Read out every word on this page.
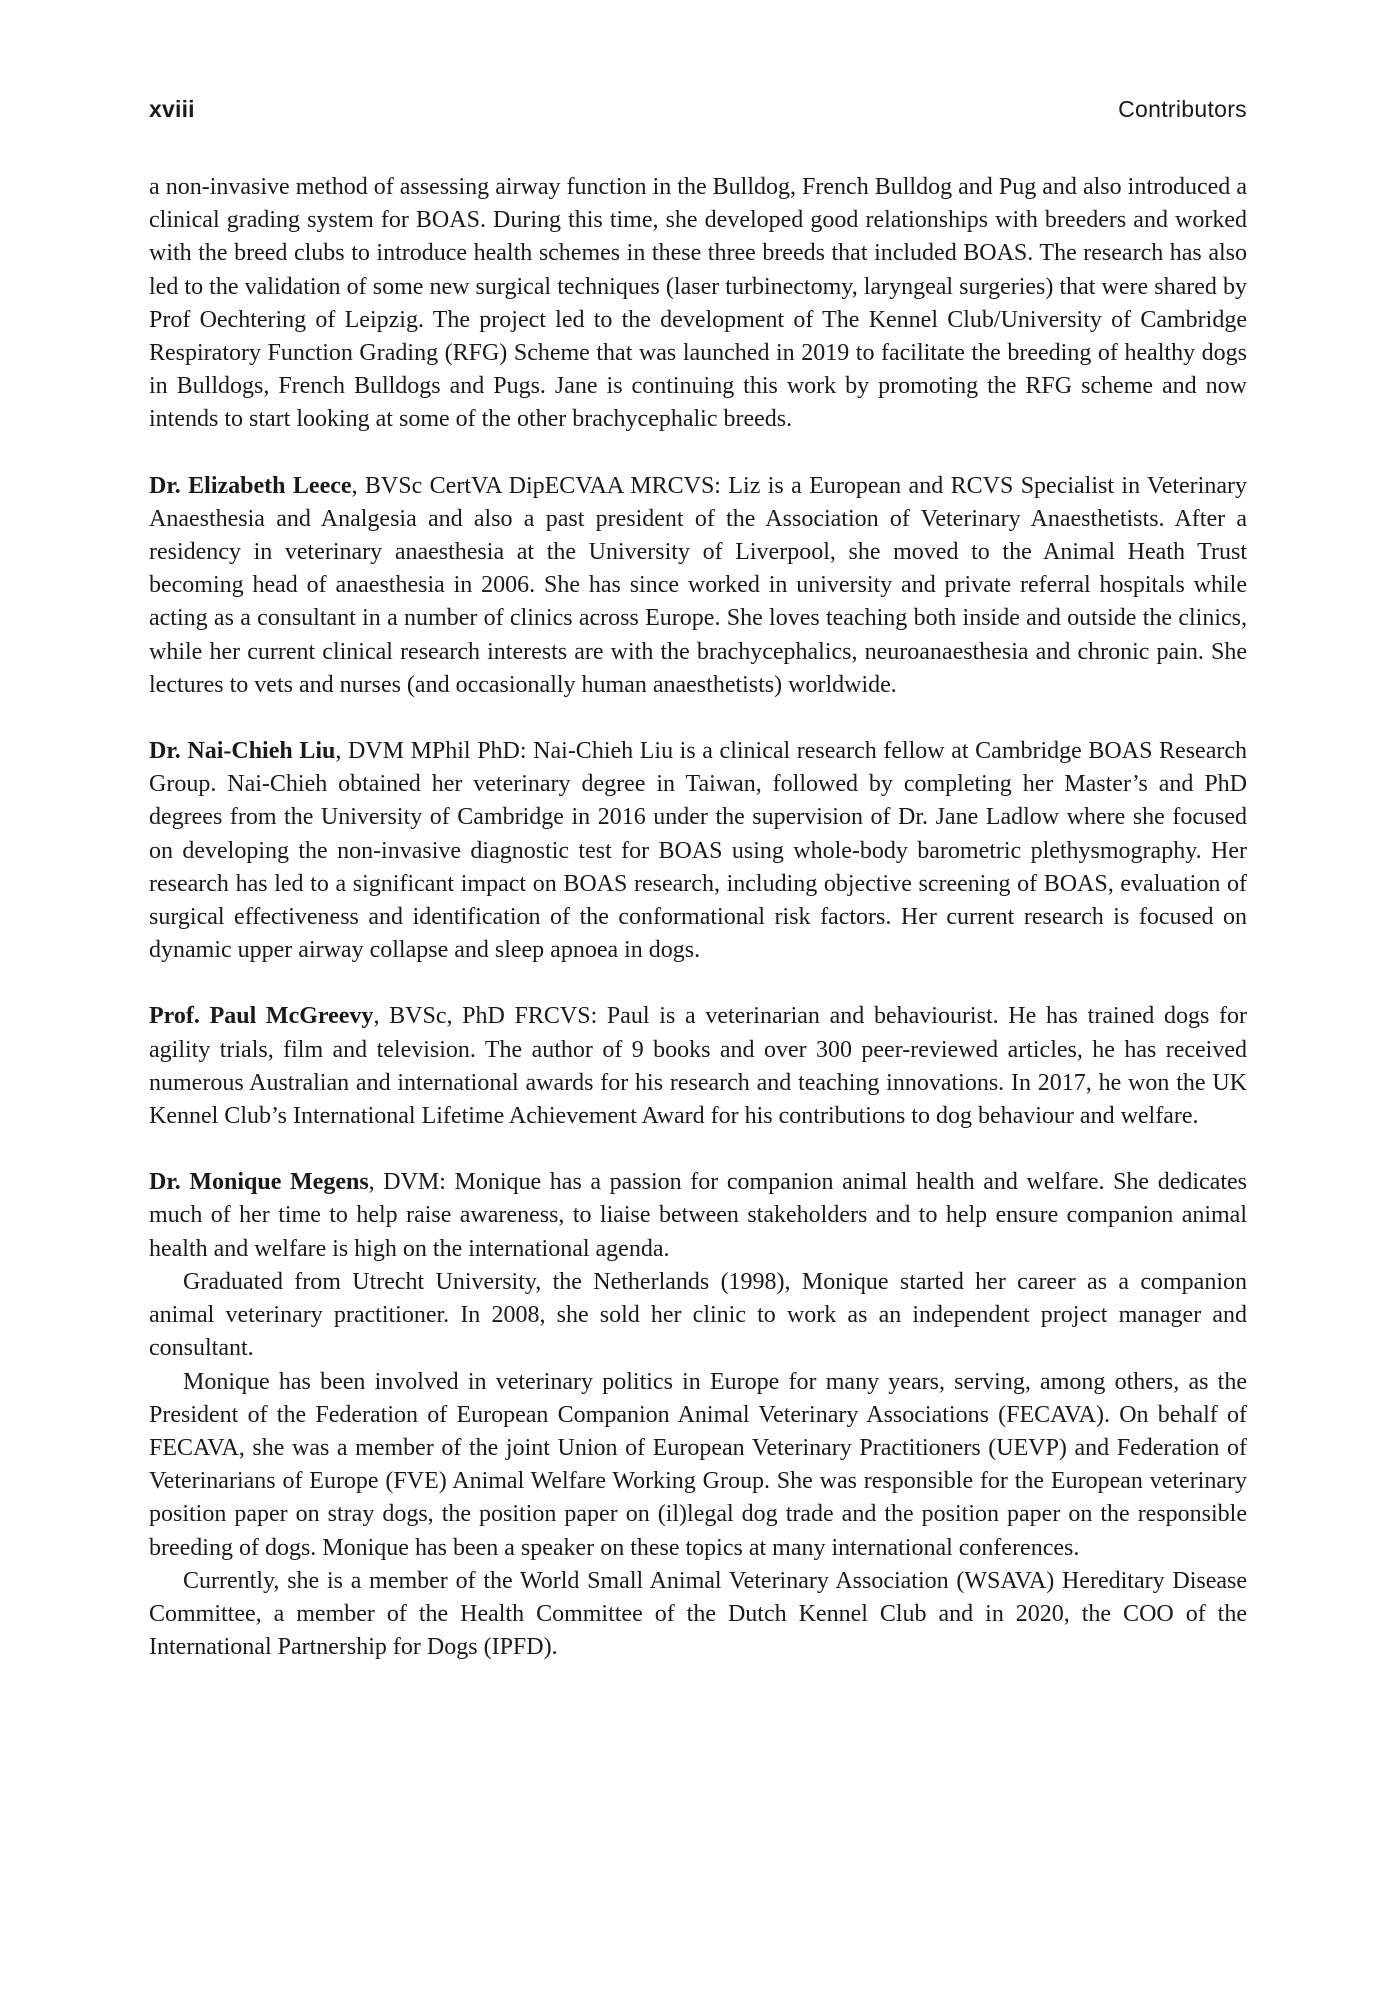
xviii	Contributors

a non-invasive method of assessing airway function in the Bulldog, French Bulldog and Pug and also introduced a clinical grading system for BOAS. During this time, she developed good relationships with breeders and worked with the breed clubs to introduce health schemes in these three breeds that included BOAS. The research has also led to the validation of some new surgical techniques (laser turbinectomy, laryngeal surgeries) that were shared by Prof Oechtering of Leipzig. The project led to the development of The Kennel Club/University of Cambridge Respiratory Function Grading (RFG) Scheme that was launched in 2019 to facilitate the breeding of healthy dogs in Bulldogs, French Bulldogs and Pugs. Jane is continuing this work by promoting the RFG scheme and now intends to start looking at some of the other brachycephalic breeds.

Dr. Elizabeth Leece, BVSc CertVA DipECVAA MRCVS: Liz is a European and RCVS Specialist in Veterinary Anaesthesia and Analgesia and also a past president of the Association of Veterinary Anaesthetists. After a residency in veterinary anaesthesia at the University of Liverpool, she moved to the Animal Heath Trust becoming head of anaesthesia in 2006. She has since worked in university and private referral hospitals while acting as a consultant in a number of clinics across Europe. She loves teaching both inside and outside the clinics, while her current clinical research interests are with the brachycephalics, neuroanaesthesia and chronic pain. She lectures to vets and nurses (and occasionally human anaesthetists) worldwide.

Dr. Nai-Chieh Liu, DVM MPhil PhD: Nai-Chieh Liu is a clinical research fellow at Cambridge BOAS Research Group. Nai-Chieh obtained her veterinary degree in Taiwan, followed by completing her Master’s and PhD degrees from the University of Cambridge in 2016 under the supervision of Dr. Jane Ladlow where she focused on developing the non-invasive diagnostic test for BOAS using whole-body barometric plethysmography. Her research has led to a significant impact on BOAS research, including objective screening of BOAS, evaluation of surgical effectiveness and identification of the conformational risk factors. Her current research is focused on dynamic upper airway collapse and sleep apnoea in dogs.

Prof. Paul McGreevy, BVSc, PhD FRCVS: Paul is a veterinarian and behaviourist. He has trained dogs for agility trials, film and television. The author of 9 books and over 300 peer-reviewed articles, he has received numerous Australian and international awards for his research and teaching innovations. In 2017, he won the UK Kennel Club’s International Lifetime Achievement Award for his contributions to dog behaviour and welfare.

Dr. Monique Megens, DVM: Monique has a passion for companion animal health and welfare. She dedicates much of her time to help raise awareness, to liaise between stakeholders and to help ensure companion animal health and welfare is high on the international agenda.

Graduated from Utrecht University, the Netherlands (1998), Monique started her career as a companion animal veterinary practitioner. In 2008, she sold her clinic to work as an independent project manager and consultant.

Monique has been involved in veterinary politics in Europe for many years, serving, among others, as the President of the Federation of European Companion Animal Veterinary Associations (FECAVA). On behalf of FECAVA, she was a member of the joint Union of European Veterinary Practitioners (UEVP) and Federation of Veterinarians of Europe (FVE) Animal Welfare Working Group. She was responsible for the European veterinary position paper on stray dogs, the position paper on (il)legal dog trade and the position paper on the responsible breeding of dogs. Monique has been a speaker on these topics at many international conferences.

Currently, she is a member of the World Small Animal Veterinary Association (WSAVA) Hereditary Disease Committee, a member of the Health Committee of the Dutch Kennel Club and in 2020, the COO of the International Partnership for Dogs (IPFD).
